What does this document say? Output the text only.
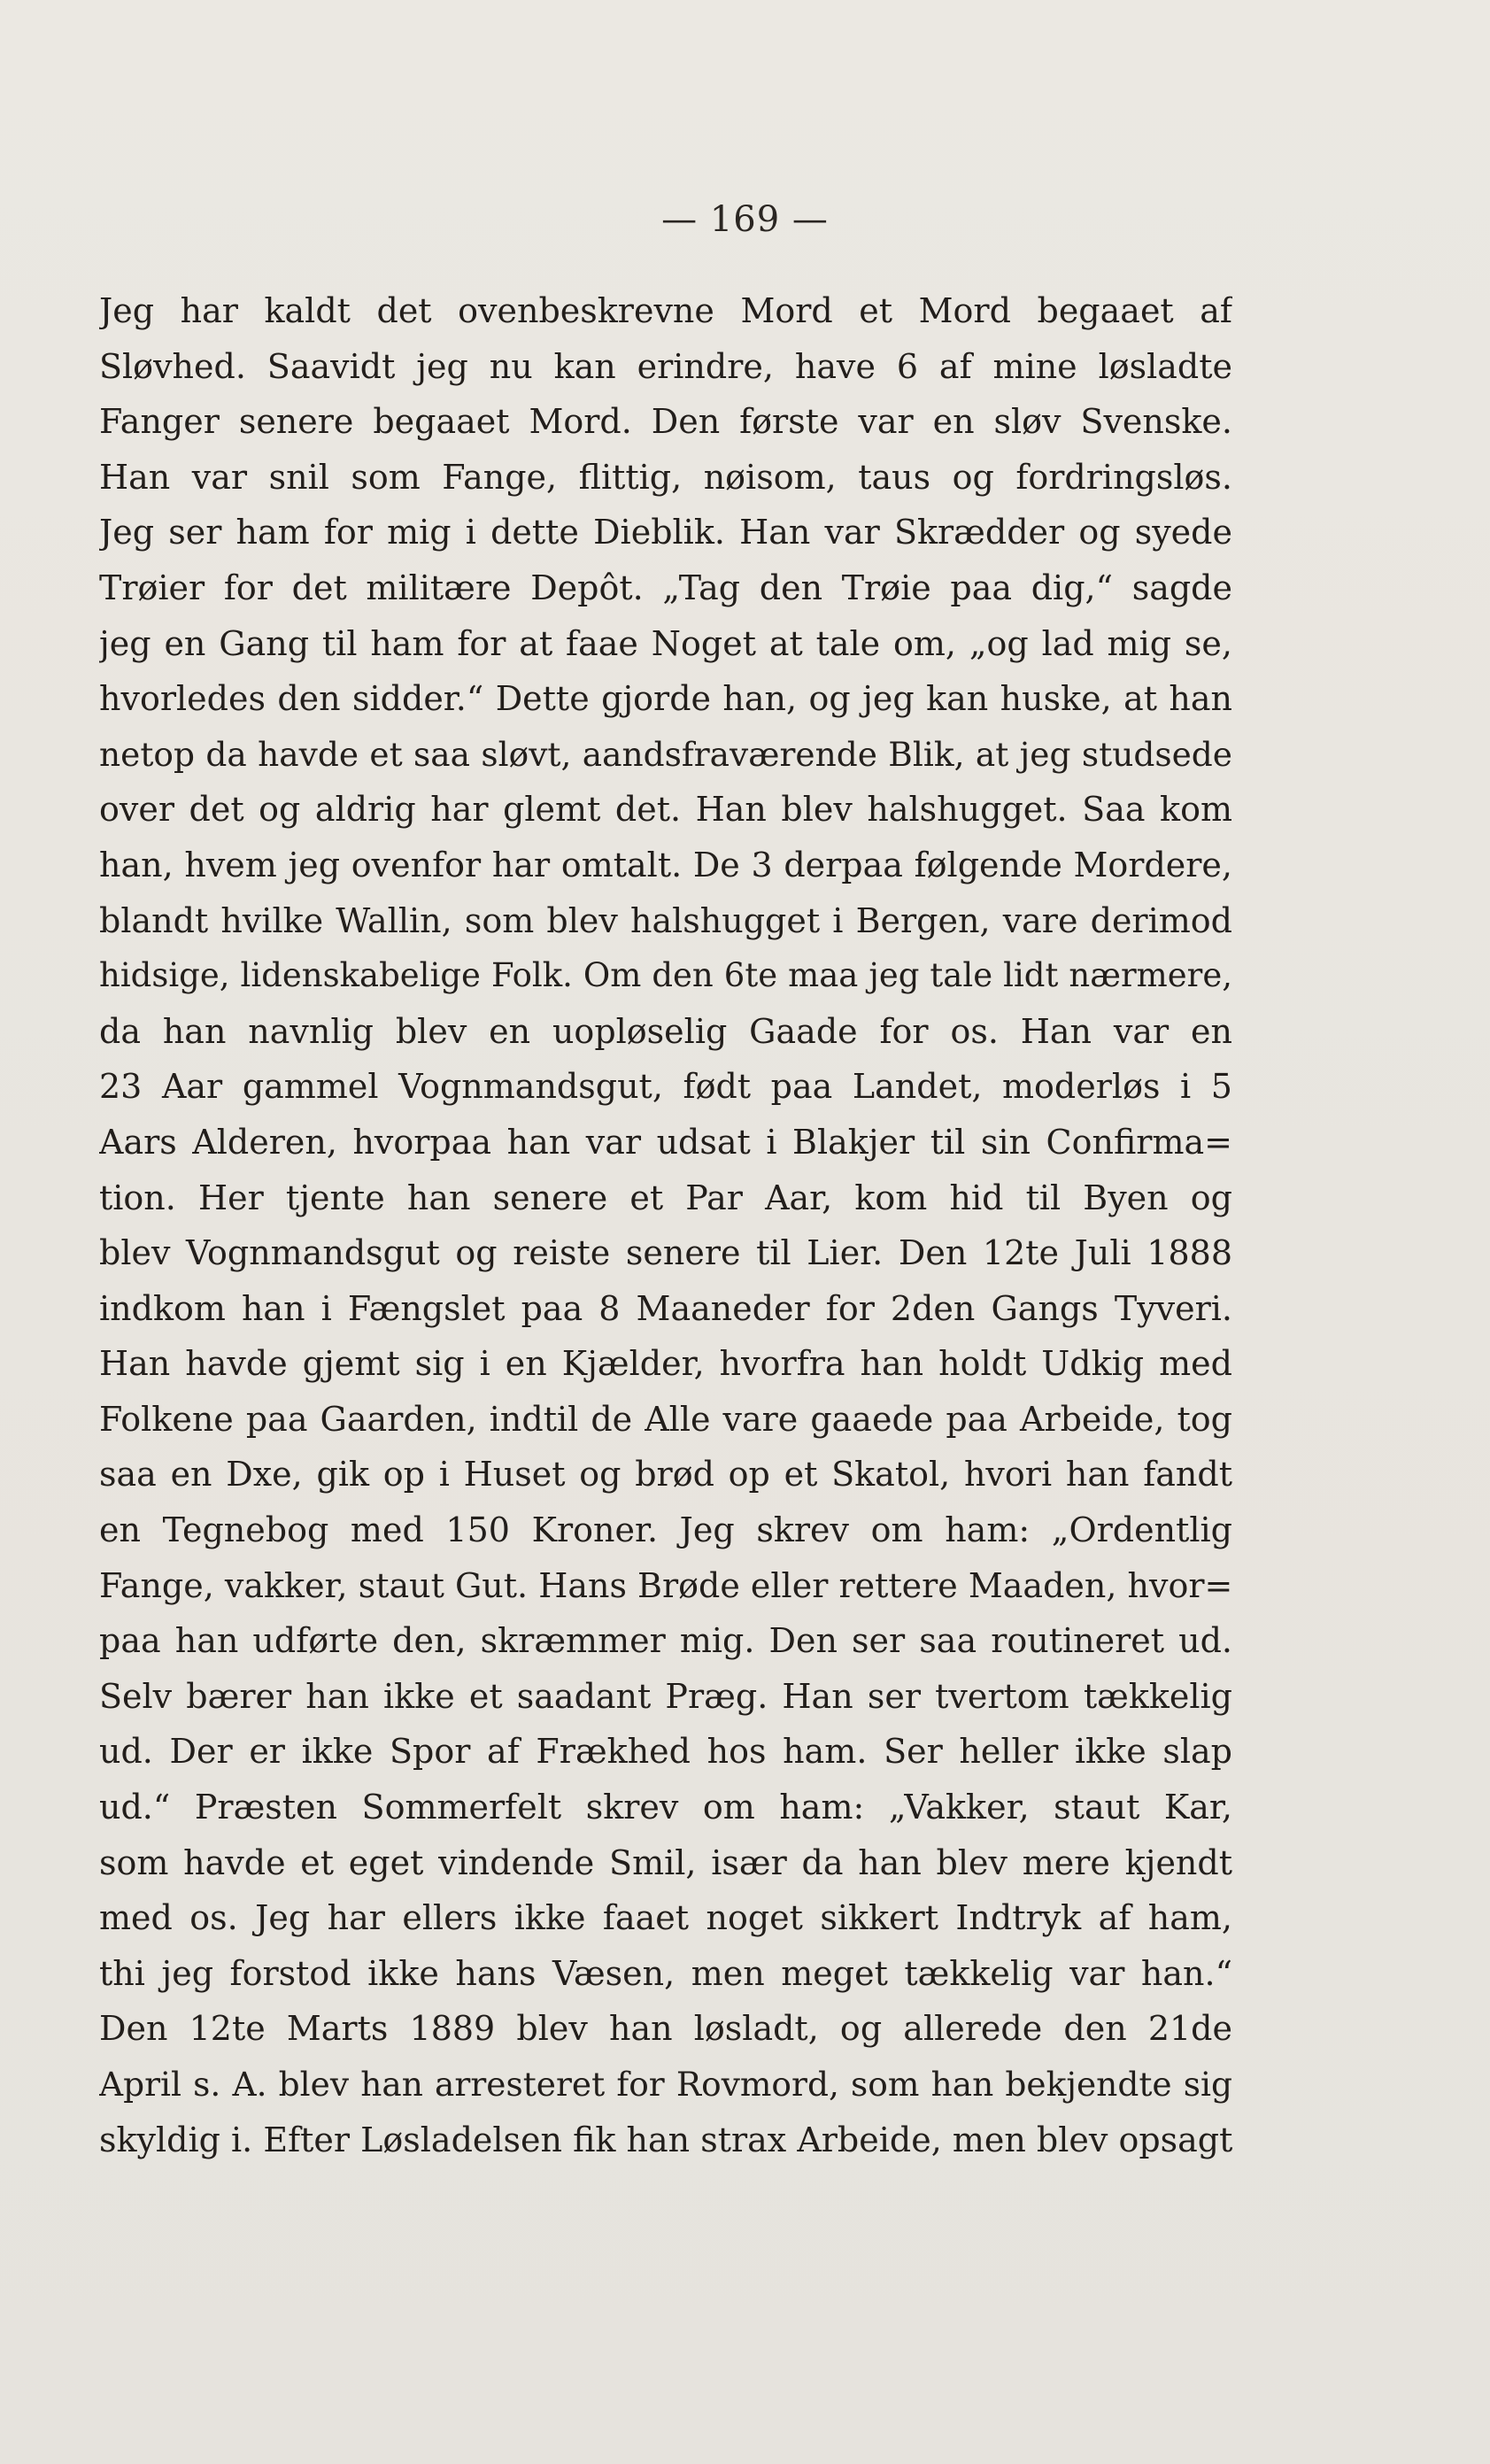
— 169 —
Jeg har kaldt det ovenbeskrevne Mord et Mord begaaet af
Sløvhed. Saavidt jeg nu kan erindre, have 6 af mine løsladte
Fanger senere begaaet Mord. Den første var en sløv Svenske.
Han var snil som Fange, flittig, nøisom, taus og fordringsløs.
Jeg ser ham for mig i dette Dieblik. Han var Skrædder og syede
Trøier for det militære Depôt. „Tag den Trøie paa dig,“ sagde
jeg en Gang til ham for at faae Noget at tale om, „og lad mig se,
hvorledes den sidder.“ Dette gjorde han, og jeg kan huske, at han
netop da havde et saa sløvt, aandsfraværende Blik, at jeg studsede
over det og aldrig har glemt det. Han blev halshugget. Saa kom
han, hvem jeg ovenfor har omtalt. De 3 derpaa følgende Mordere,
blandt hvilke Wallin, som blev halshugget i Bergen, vare derimod
hidsige, lidenskabelige Folk. Om den 6te maa jeg tale lidt nærmere,
da han navnlig blev en uopløselig Gaade for os. Han var en
23 Aar gammel Vognmandsgut, født paa Landet, moderløs i 5
Aars Alderen, hvorpaa han var udsat i Blakjer til sin Confirma=
tion. Her tjente han senere et Par Aar, kom hid til Byen og
blev Vognmandsgut og reiste senere til Lier. Den 12te Juli 1888
indkom han i Fængslet paa 8 Maaneder for 2den Gangs Tyveri.
Han havde gjemt sig i en Kjælder, hvorfra han holdt Udkig med
Folkene paa Gaarden, indtil de Alle vare gaaede paa Arbeide, tog
saa en Dxe, gik op i Huset og brød op et Skatol, hvori han fandt
en Tegnebog med 150 Kroner. Jeg skrev om ham: „Ordentlig
Fange, vakker, staut Gut. Hans Brøde eller rettere Maaden, hvor=
paa han udførte den, skræmmer mig. Den ser saa routineret ud.
Selv bærer han ikke et saadant Præg. Han ser tvertom tækkelig
ud. Der er ikke Spor af Frækhed hos ham. Ser heller ikke slap
ud.“ Præsten Sommerfelt skrev om ham: „Vakker, staut Kar,
som havde et eget vindende Smil, især da han blev mere kjendt
med os. Jeg har ellers ikke faaet noget sikkert Indtryk af ham,
thi jeg forstod ikke hans Væsen, men meget tækkelig var han.“
Den 12te Marts 1889 blev han løsladt, og allerede den 21de
April s. A. blev han arresteret for Rovmord, som han bekjendte sig
skyldig i. Efter Løsladelsen fik han strax Arbeide, men blev opsagt
